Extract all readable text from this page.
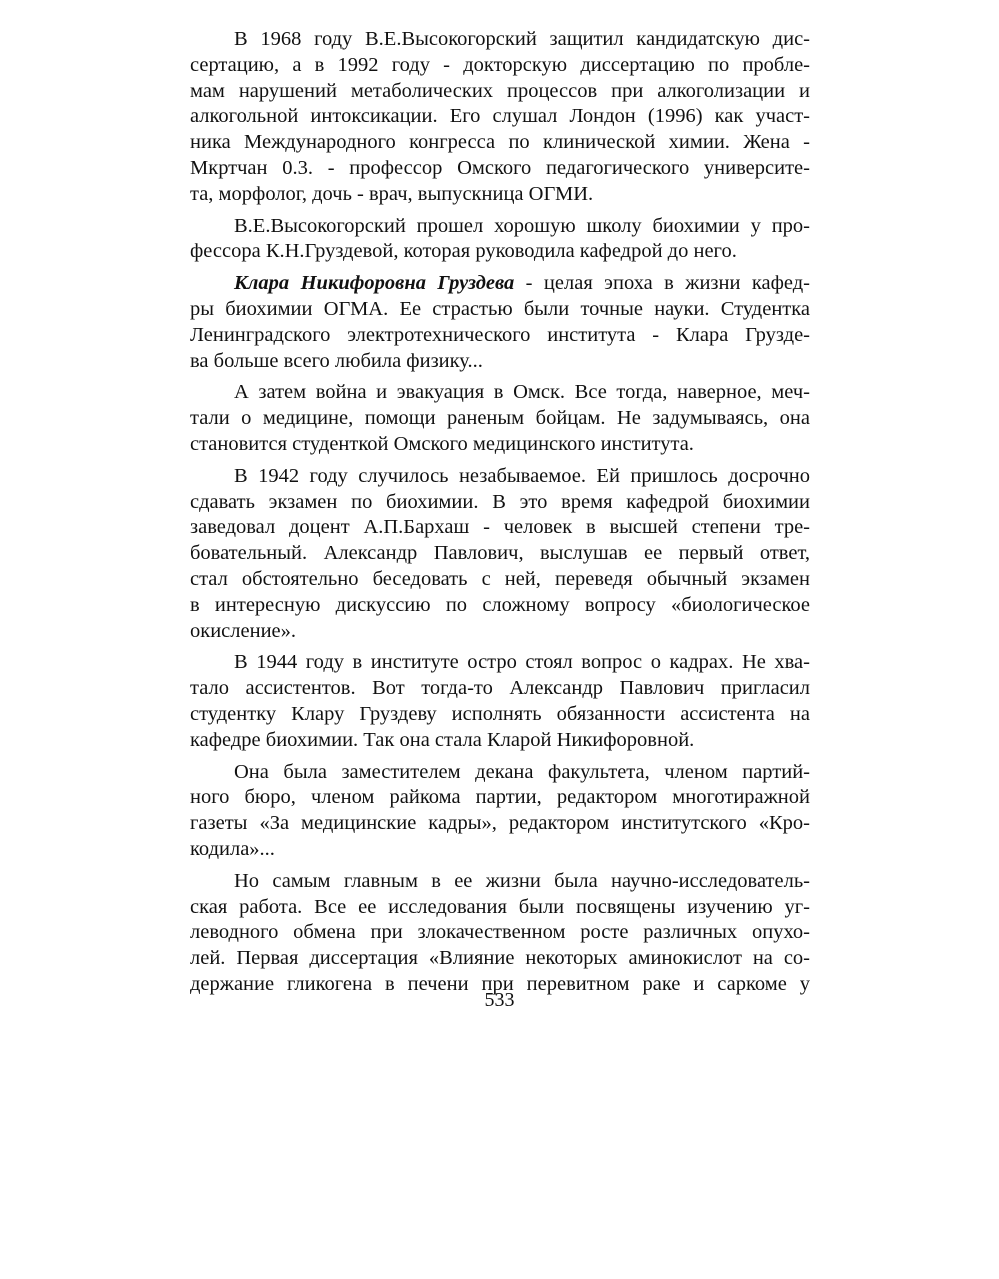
В 1968 году В.Е.Высокогорский защитил кандидатскую дис-
сертацию, а в 1992 году - докторскую диссертацию по пробле-
мам нарушений метаболических процессов при алкоголизации и
алкогольной интоксикации. Его слушал Лондон (1996) как участ-
ника Международного конгресса по клинической химии. Жена -
Мкртчан 0.3. - профессор Омского педагогического университе-
та, морфолог, дочь - врач, выпускница ОГМИ.

В.Е.Высокогорский прошел хорошую школу биохимии у про-
фессора К.Н.Груздевой, которая руководила кафедрой до него.

Клара Никифоровна Груздева - целая эпоха в жизни кафед-
ры биохимии ОГМА. Ее страстью были точные науки. Студентка
Ленинградского электротехнического института - Клара Грузде-
ва больше всего любила физику...

А затем война и эвакуация в Омск. Все тогда, наверное, меч-
тали о медицине, помощи раненым бойцам. Не задумываясь, она
становится студенткой Омского медицинского института.

В 1942 году случилось незабываемое. Ей пришлось досрочно
сдавать экзамен по биохимии. В это время кафедрой биохимии
заведовал доцент А.П.Бархаш - человек в высшей степени тре-
бовательный. Александр Павлович, выслушав ее первый ответ,
стал обстоятельно беседовать с ней, переведя обычный экзамен
в интересную дискуссию по сложному вопросу «биологическое
окисление».

В 1944 году в институте остро стоял вопрос о кадрах. Не хва-
тало ассистентов. Вот тогда-то Александр Павлович пригласил
студентку Клару Груздеву исполнять обязанности ассистента на
кафедре биохимии. Так она стала Кларой Никифоровной.

Она была заместителем декана факультета, членом партий-
ного бюро, членом райкома партии, редактором многотиражной
газеты «За медицинские кадры», редактором институтского «Кро-
кодила»...

Но самым главным в ее жизни была научно-исследователь-
ская работа. Все ее исследования были посвящены изучению уг-
леводного обмена при злокачественном росте различных опухо-
лей. Первая диссертация «Влияние некоторых аминокислот на со-
держание гликогена в печени при перевитном раке и саркоме у

533
